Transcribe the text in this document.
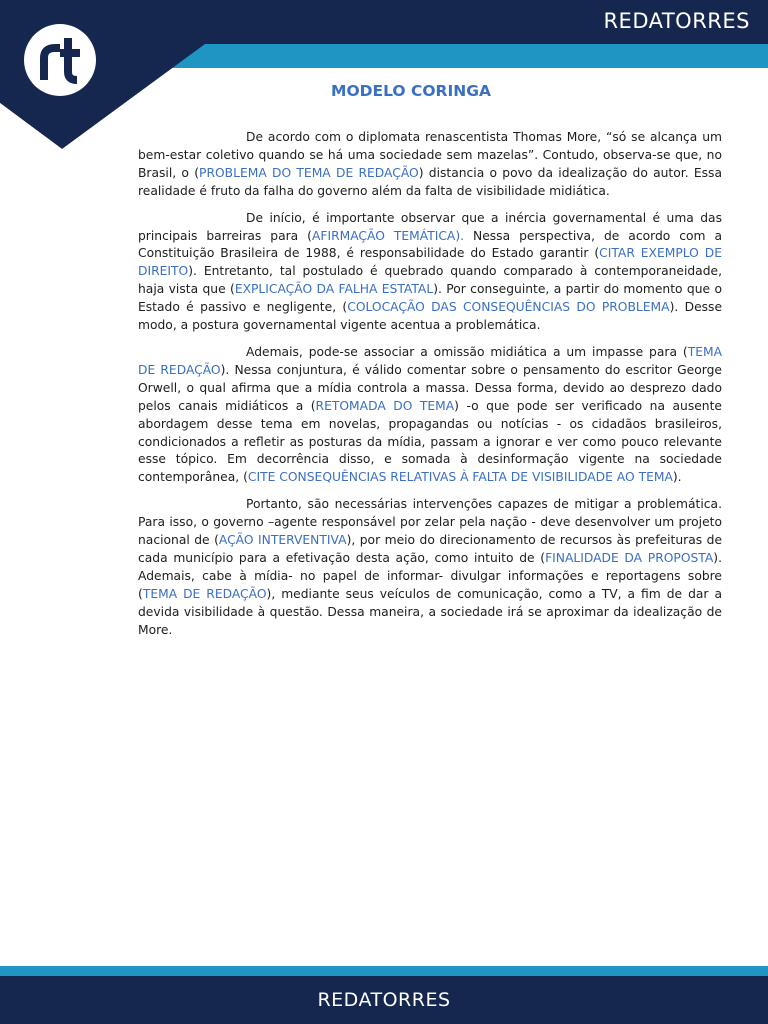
REDATORRES
MODELO CORINGA

De acordo com o diplomata renascentista Thomas More, “só se alcança um bem-estar coletivo quando se há uma sociedade sem mazelas”. Contudo, observa-se que, no Brasil, o (PROBLEMA DO TEMA DE REDAÇÃO) distancia o povo da idealização do autor. Essa realidade é fruto da falha do governo além da falta de visibilidade midiática.

De início, é importante observar que a inércia governamental é uma das principais barreiras para (AFIRMAÇÃO TEMÁTICA). Nessa perspectiva, de acordo com a Constituição Brasileira de 1988, é responsabilidade do Estado garantir (CITAR EXEMPLO DE DIREITO). Entretanto, tal postulado é quebrado quando comparado à contemporaneidade, haja vista que (EXPLICAÇÃO DA FALHA ESTATAL). Por conseguinte, a partir do momento que o Estado é passivo e negligente, (COLOCAÇÃO DAS CONSEQUÊNCIAS DO PROBLEMA). Desse modo, a postura governamental vigente acentua a problemática.

Ademais, pode-se associar a omissão midiática a um impasse para (TEMA DE REDAÇÃO). Nessa conjuntura, é válido comentar sobre o pensamento do escritor George Orwell, o qual afirma que a mídia controla a massa. Dessa forma, devido ao desprezo dado pelos canais midiáticos a (RETOMADA DO TEMA) -o que pode ser verificado na ausente abordagem desse tema em novelas, propagandas ou notícias - os cidadãos brasileiros, condicionados a refletir as posturas da mídia, passam a ignorar e ver como pouco relevante esse tópico. Em decorrência disso, e somada à desinformação vigente na sociedade contemporânea, (CITE CONSEQUÊNCIAS RELATIVAS À FALTA DE VISIBILIDADE AO TEMA).

Portanto, são necessárias intervenções capazes de mitigar a problemática. Para isso, o governo –agente responsável por zelar pela nação - deve desenvolver um projeto nacional de (AÇÃO INTERVENTIVA), por meio do direcionamento de recursos às prefeituras de cada município para a efetivação desta ação, como intuito de (FINALIDADE DA PROPOSTA). Ademais, cabe à mídia- no papel de informar- divulgar informações e reportagens sobre (TEMA DE REDAÇÃO), mediante seus veículos de comunicação, como a TV, a fim de dar a devida visibilidade à questão. Dessa maneira, a sociedade irá se aproximar da idealização de More.

REDATORRES
